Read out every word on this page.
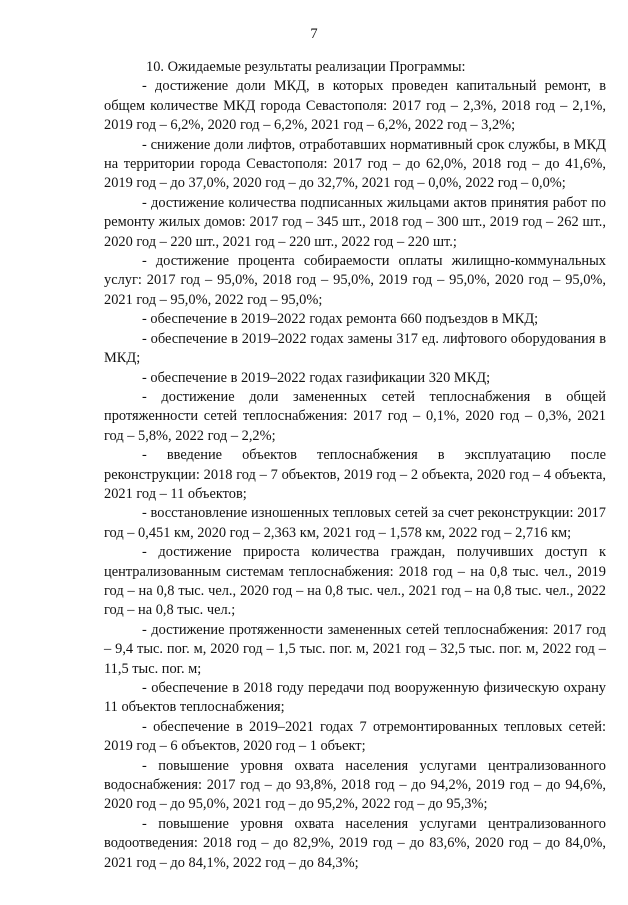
7

10. Ожидаемые результаты реализации Программы:

- достижение доли МКД, в которых проведен капитальный ремонт, в общем количестве МКД города Севастополя: 2017 год – 2,3%, 2018 год – 2,1%, 2019 год – 6,2%, 2020 год – 6,2%, 2021 год – 6,2%, 2022 год – 3,2%;

- снижение доли лифтов, отработавших нормативный срок службы, в МКД на территории города Севастополя: 2017 год – до 62,0%, 2018 год – до 41,6%, 2019 год – до 37,0%, 2020 год – до 32,7%, 2021 год – 0,0%, 2022 год – 0,0%;

- достижение количества подписанных жильцами актов принятия работ по ремонту жилых домов: 2017 год – 345 шт., 2018 год – 300 шт., 2019 год – 262 шт., 2020 год – 220 шт., 2021 год – 220 шт., 2022 год – 220 шт.;

- достижение процента собираемости оплаты жилищно-коммунальных услуг: 2017 год – 95,0%, 2018 год – 95,0%, 2019 год – 95,0%, 2020 год – 95,0%, 2021 год – 95,0%, 2022 год – 95,0%;

- обеспечение в 2019–2022 годах ремонта 660 подъездов в МКД;

- обеспечение в 2019–2022 годах замены 317 ед. лифтового оборудования в МКД;

- обеспечение в 2019–2022 годах газификации 320 МКД;

- достижение доли замененных сетей теплоснабжения в общей протяженности сетей теплоснабжения: 2017 год – 0,1%, 2020 год – 0,3%, 2021 год – 5,8%, 2022 год – 2,2%;

- введение объектов теплоснабжения в эксплуатацию после реконструкции: 2018 год – 7 объектов, 2019 год – 2 объекта, 2020 год – 4 объекта, 2021 год – 11 объектов;

- восстановление изношенных тепловых сетей за счет реконструкции: 2017 год – 0,451 км, 2020 год – 2,363 км, 2021 год – 1,578 км, 2022 год – 2,716 км;

- достижение прироста количества граждан, получивших доступ к централизованным системам теплоснабжения: 2018 год – на 0,8 тыс. чел., 2019 год – на 0,8 тыс. чел., 2020 год – на 0,8 тыс. чел., 2021 год – на 0,8 тыс. чел., 2022 год – на 0,8 тыс. чел.;

- достижение протяженности замененных сетей теплоснабжения: 2017 год – 9,4 тыс. пог. м, 2020 год – 1,5 тыс. пог. м, 2021 год – 32,5 тыс. пог. м, 2022 год – 11,5 тыс. пог. м;

- обеспечение в 2018 году передачи под вооруженную физическую охрану 11 объектов теплоснабжения;

- обеспечение в 2019–2021 годах 7 отремонтированных тепловых сетей: 2019 год – 6 объектов, 2020 год – 1 объект;

- повышение уровня охвата населения услугами централизованного водоснабжения: 2017 год – до 93,8%, 2018 год – до 94,2%, 2019 год – до 94,6%, 2020 год – до 95,0%, 2021 год – до 95,2%, 2022 год – до 95,3%;

- повышение уровня охвата населения услугами централизованного водоотведения: 2018 год – до 82,9%, 2019 год – до 83,6%, 2020 год – до 84,0%, 2021 год – до 84,1%, 2022 год – до 84,3%;
